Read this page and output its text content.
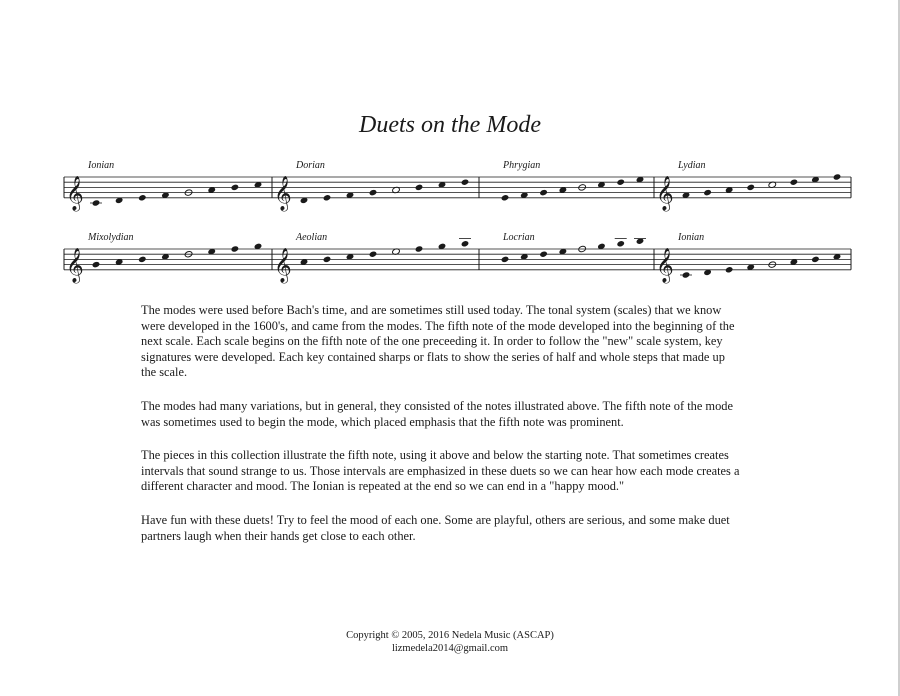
Duets on the Mode
Ionian
𝄞
Dorian
𝄞
Phrygian	Lydian
𝄞
Mixolydian
𝄞
Aeolian
𝄞
Locrian	Ionian
𝄞

The modes were used before Bach's time, and are sometimes still used today. The tonal system (scales) that we know were developed in the 1600's, and came from the modes. The fifth note of the mode developed into the beginning of the next scale. Each scale begins on the fifth note of the one preceeding it. In order to follow the "new" scale system, key signatures were developed. Each key contained sharps or flats to show the series of half and whole steps that made up the scale.

The modes had many variations, but in general, they consisted of the notes illustrated above. The fifth note of the mode was sometimes used to begin the mode, which placed emphasis that the fifth note was prominent.

The pieces in this collection illustrate the fifth note, using it above and below the starting note. That sometimes creates intervals that sound strange to us. Those intervals are emphasized in these duets so we can hear how each mode creates a different character and mood. The Ionian is repeated at the end so we can end in a "happy mood."

Have fun with these duets! Try to feel the mood of each one. Some are playful, others are serious, and some make duet partners laugh when their hands get close to each other.

Copyright © 2005, 2016 Nedela Music (ASCAP)
lizmedela2014@gmail.com
